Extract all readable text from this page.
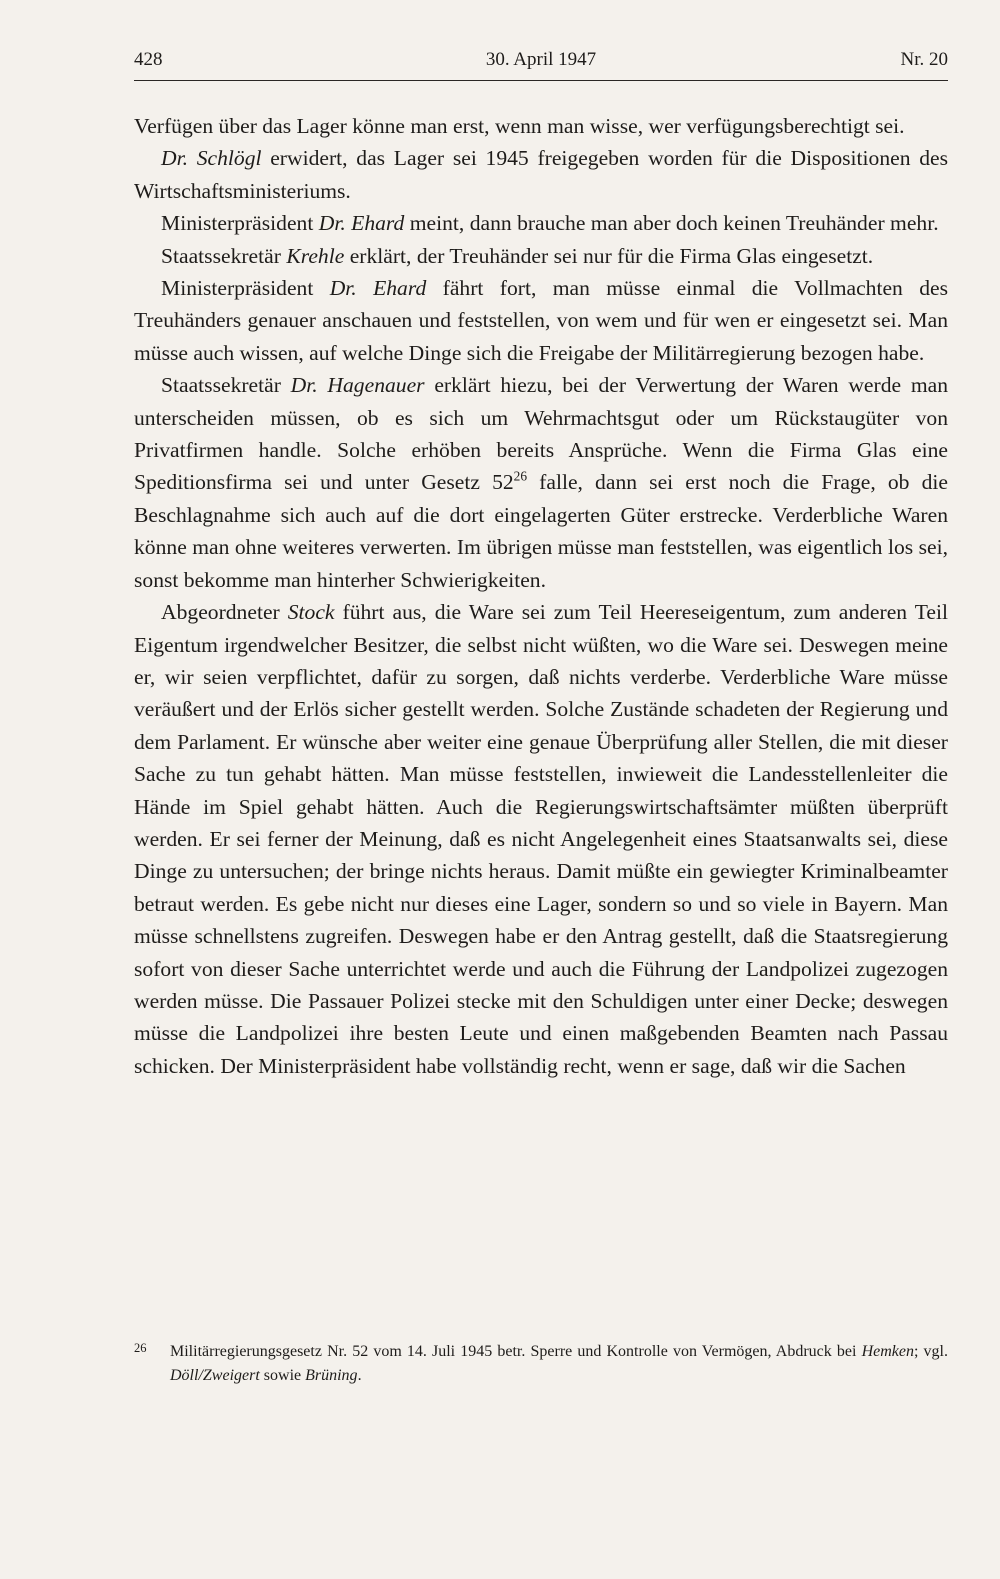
428	30. April 1947	Nr. 20

Verfügen über das Lager könne man erst, wenn man wisse, wer verfügungsberechtigt sei.

Dr. Schlögl erwidert, das Lager sei 1945 freigegeben worden für die Dispositionen des Wirtschaftsministeriums.

Ministerpräsident Dr. Ehard meint, dann brauche man aber doch keinen Treuhänder mehr.

Staatssekretär Krehle erklärt, der Treuhänder sei nur für die Firma Glas eingesetzt.

Ministerpräsident Dr. Ehard fährt fort, man müsse einmal die Vollmachten des Treuhänders genauer anschauen und feststellen, von wem und für wen er eingesetzt sei. Man müsse auch wissen, auf welche Dinge sich die Freigabe der Militärregierung bezogen habe.

Staatssekretär Dr. Hagenauer erklärt hiezu, bei der Verwertung der Waren werde man unterscheiden müssen, ob es sich um Wehrmachtsgut oder um Rückstaugüter von Privatfirmen handle. Solche erhöben bereits Ansprüche. Wenn die Firma Glas eine Speditionsfirma sei und unter Gesetz $52^{26}$ falle, dann sei erst noch die Frage, ob die Beschlagnahme sich auch auf die dort eingelagerten Güter erstrecke. Verderbliche Waren könne man ohne weiteres verwerten. Im übrigen müsse man feststellen, was eigentlich los sei, sonst bekomme man hinterher Schwierigkeiten.

Abgeordneter Stock führt aus, die Ware sei zum Teil Heereseigentum, zum anderen Teil Eigentum irgendwelcher Besitzer, die selbst nicht wüßten, wo die Ware sei. Deswegen meine er, wir seien verpflichtet, dafür zu sorgen, daß nichts verderbe. Verderbliche Ware müsse veräußert und der Erlös sicher gestellt werden. Solche Zustände schadeten der Regierung und dem Parlament. Er wünsche aber weiter eine genaue Überprüfung aller Stellen, die mit dieser Sache zu tun gehabt hätten. Man müsse feststellen, inwieweit die Landesstellenleiter die Hände im Spiel gehabt hätten. Auch die Regierungswirtschaftsämter müßten überprüft werden. Er sei ferner der Meinung, daß es nicht Angelegenheit eines Staatsanwalts sei, diese Dinge zu untersuchen; der bringe nichts heraus. Damit müßte ein gewiegter Kriminalbeamter betraut werden. Es gebe nicht nur dieses eine Lager, sondern so und so viele in Bayern. Man müsse schnellstens zugreifen. Deswegen habe er den Antrag gestellt, daß die Staatsregierung sofort von dieser Sache unterrichtet werde und auch die Führung der Landpolizei zugezogen werden müsse. Die Passauer Polizei stecke mit den Schuldigen unter einer Decke; deswegen müsse die Landpolizei ihre besten Leute und einen maßgebenden Beamten nach Passau schicken. Der Ministerpräsident habe vollständig recht, wenn er sage, daß wir die Sachen

26 Militärregierungsgesetz Nr. 52 vom 14. Juli 1945 betr. Sperre und Kontrolle von Vermögen, Abdruck bei Hemken; vgl. Döll/Zweigert sowie Brüning.
